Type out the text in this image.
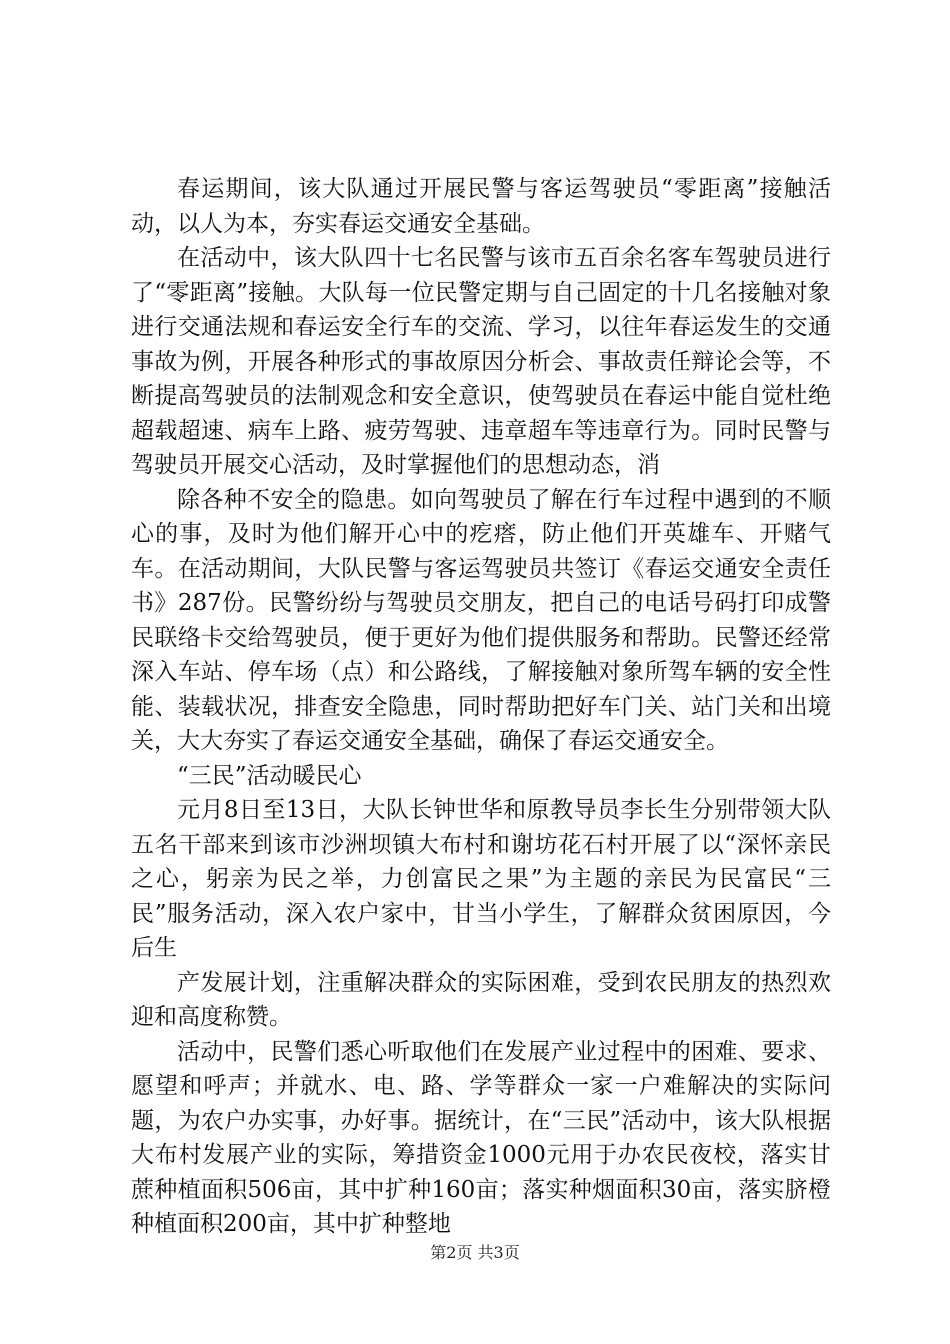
春运期间，该大队通过开展民警与客运驾驶员“零距离”接触活动，以人为本，夯实春运交通安全基础。

在活动中，该大队四十七名民警与该市五百余名客车驾驶员进行了“零距离”接触。大队每一位民警定期与自己固定的十几名接触对象进行交通法规和春运安全行车的交流、学习，以往年春运发生的交通事故为例，开展各种形式的事故原因分析会、事故责任辩论会等，不断提高驾驶员的法制观念和安全意识，使驾驶员在春运中能自觉杜绝超载超速、病车上路、疲劳驾驶、违章超车等违章行为。同时民警与驾驶员开展交心活动，及时掌握他们的思想动态，消

除各种不安全的隐患。如向驾驶员了解在行车过程中遇到的不顺心的事，及时为他们解开心中的疙瘩，防止他们开英雄车、开赌气车。在活动期间，大队民警与客运驾驶员共签订《春运交通安全责任书》287份。民警纷纷与驾驶员交朋友，把自己的电话号码打印成警民联络卡交给驾驶员，便于更好为他们提供服务和帮助。民警还经常深入车站、停车场（点）和公路线，了解接触对象所驾车辆的安全性能、装载状况，排查安全隐患，同时帮助把好车门关、站门关和出境关，大大夯实了春运交通安全基础，确保了春运交通安全。

“三民”活动暖民心

元月8日至13日，大队长钟世华和原教导员李长生分别带领大队五名干部来到该市沙洲坝镇大布村和谢坊花石村开展了以“深怀亲民之心，躬亲为民之举，力创富民之果”为主题的亲民为民富民“三民”服务活动，深入农户家中，甘当小学生，了解群众贫困原因，今后生

产发展计划，注重解决群众的实际困难，受到农民朋友的热烈欢迎和高度称赞。

活动中，民警们悉心听取他们在发展产业过程中的困难、要求、愿望和呼声；并就水、电、路、学等群众一家一户难解决的实际问题，为农户办实事，办好事。据统计，在“三民”活动中，该大队根据大布村发展产业的实际，筹措资金1000元用于办农民夜校，落实甘蔗种植面积506亩，其中扩种160亩；落实种烟面积30亩，落实脐橙种植面积200亩，其中扩种整地

第2页 共3页
